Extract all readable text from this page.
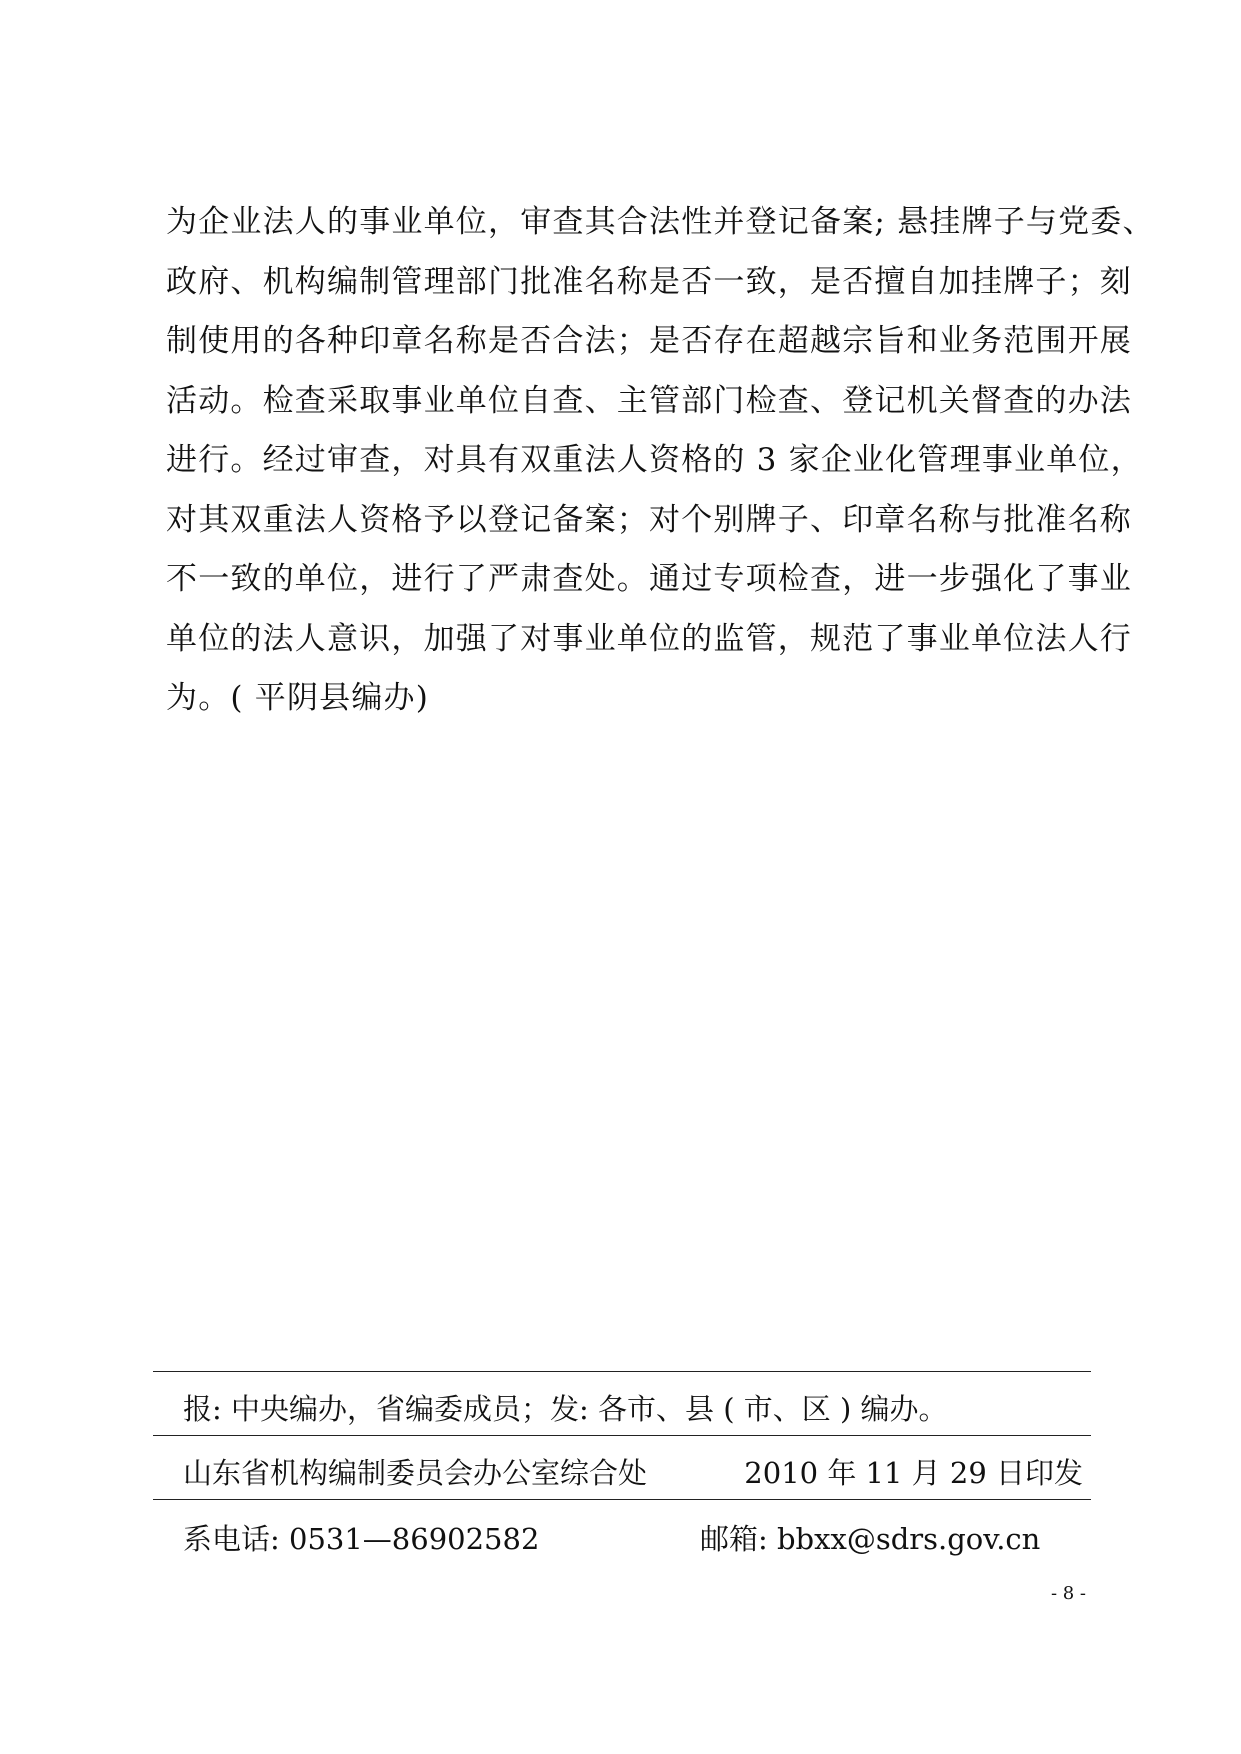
为企业法人的事业单位，审查其合法性并登记备案; 悬挂牌子与党委、
政府、机构编制管理部门批准名称是否一致，是否擅自加挂牌子；刻
制使用的各种印章名称是否合法；是否存在超越宗旨和业务范围开展
活动。检查采取事业单位自查、主管部门检查、登记机关督查的办法
进行。经过审查，对具有双重法人资格的 3 家企业化管理事业单位，
对其双重法人资格予以登记备案；对个别牌子、印章名称与批准名称
不一致的单位，进行了严肃查处。通过专项检查，进一步强化了事业
单位的法人意识，加强了对事业单位的监管，规范了事业单位法人行
为。( 平阴县编办)
报: 中央编办，省编委成员；发: 各市、县 ( 市、区 ) 编办。
山东省机构编制委员会办公室综合处	2010 年 11 月 29 日印发
系电话: 0531—86902582	邮箱: bbxx@sdrs.gov.cn
- 8 -
